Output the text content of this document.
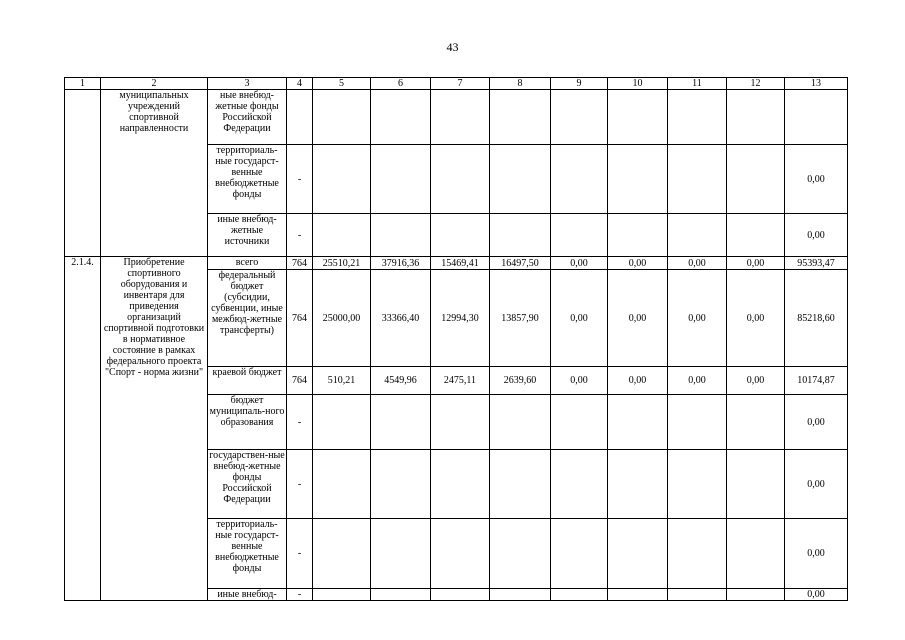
43
1	2	3	4	5	6	7	8	9	10	11	12	13
	муниципальных учреждений спортивной направленности	ные внебюд-жетные фонды Российской Федерации										
		территориаль-ные государст-венные внебюджетные фонды	-									0,00
		иные внебюд-жетные источники	-									0,00
2.1.4.	Приобретение спортивного оборудования и инвентаря для приведения организаций спортивной подготовки в нормативное состояние в рамках федерального проекта "Спорт - норма жизни"	всего	764	25510,21	37916,36	15469,41	16497,50	0,00	0,00	0,00	0,00	95393,47
		федеральный бюджет (субсидии, субвенции, иные межбюд-жетные трансферты)	764	25000,00	33366,40	12994,30	13857,90	0,00	0,00	0,00	0,00	85218,60
		краевой бюджет	764	510,21	4549,96	2475,11	2639,60	0,00	0,00	0,00	0,00	10174,87
		бюджет муниципаль-ного образования	-									0,00
		государствен-ные внебюд-жетные фонды Российской Федерации	-									0,00
		территориаль-ные государст-венные внебюджетные фонды	-									0,00
		иные внебюд-	-									0,00
